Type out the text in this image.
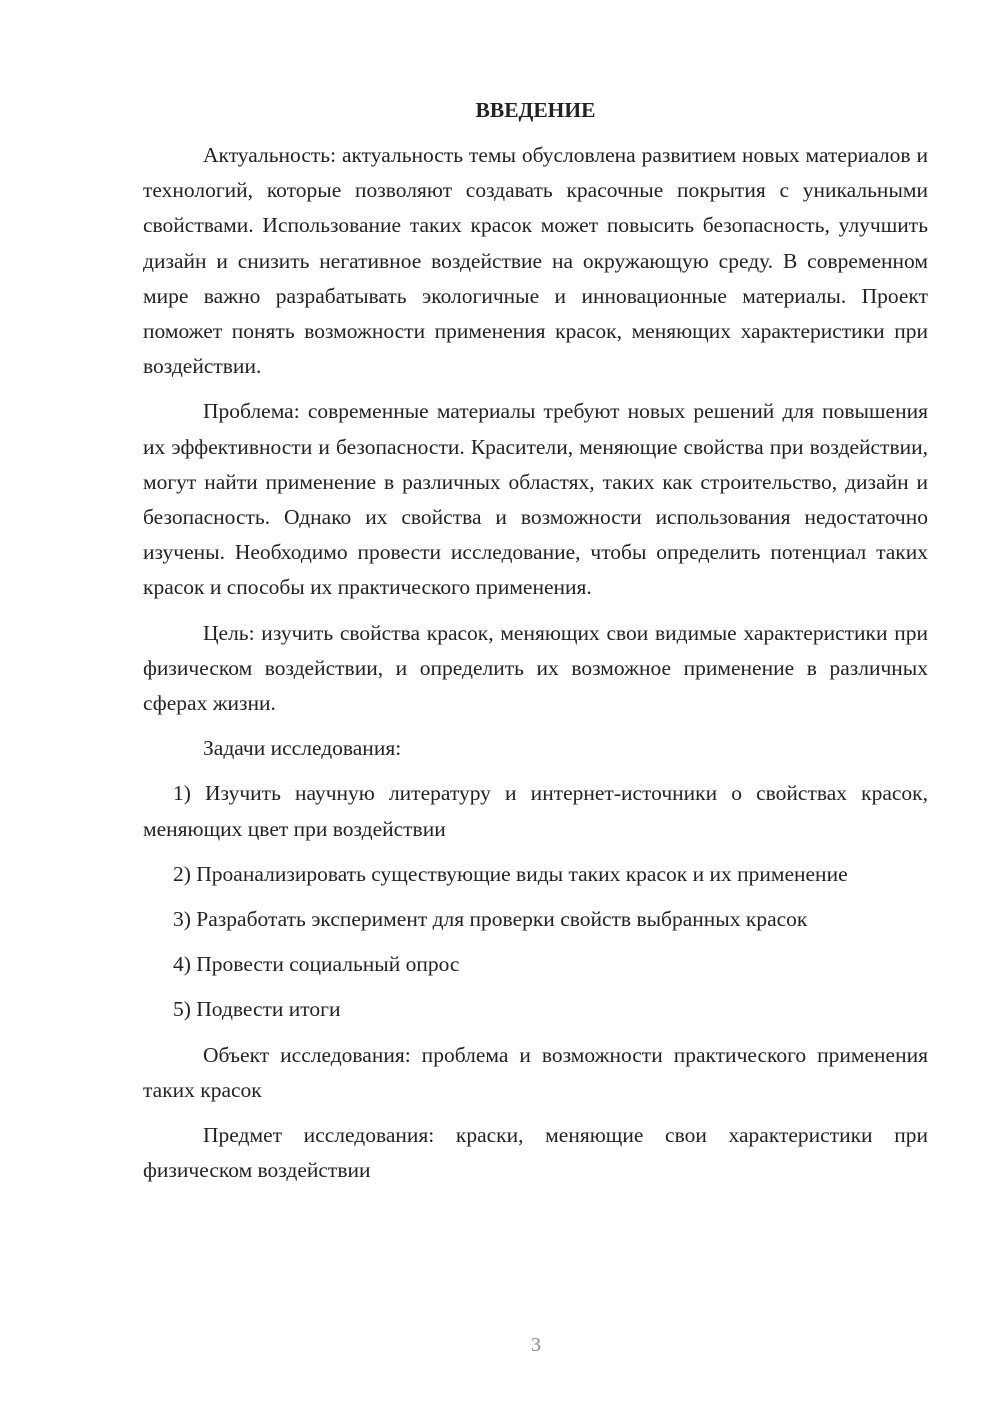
ВВЕДЕНИЕ
Актуальность: актуальность темы обусловлена развитием новых материалов и технологий, которые позволяют создавать красочные покрытия с уникальными свойствами. Использование таких красок может повысить безопасность, улучшить дизайн и снизить негативное воздействие на окружающую среду. В современном мире важно разрабатывать экологичные и инновационные материалы. Проект поможет понять возможности применения красок, меняющих характеристики при воздействии.
Проблема: современные материалы требуют новых решений для повышения их эффективности и безопасности. Красители, меняющие свойства при воздействии, могут найти применение в различных областях, таких как строительство, дизайн и безопасность. Однако их свойства и возможности использования недостаточно изучены. Необходимо провести исследование, чтобы определить потенциал таких красок и способы их практического применения.
Цель: изучить свойства красок, меняющих свои видимые характеристики при физическом воздействии, и определить их возможное применение в различных сферах жизни.
Задачи исследования:
1) Изучить научную литературу и интернет-источники о свойствах красок, меняющих цвет при воздействии
2) Проанализировать существующие виды таких красок и их применение
3) Разработать эксперимент для проверки свойств выбранных красок
4) Провести социальный опрос
5) Подвести итоги
Объект исследования: проблема и возможности практического применения таких красок
Предмет исследования: краски, меняющие свои характеристики при физическом воздействии
3
